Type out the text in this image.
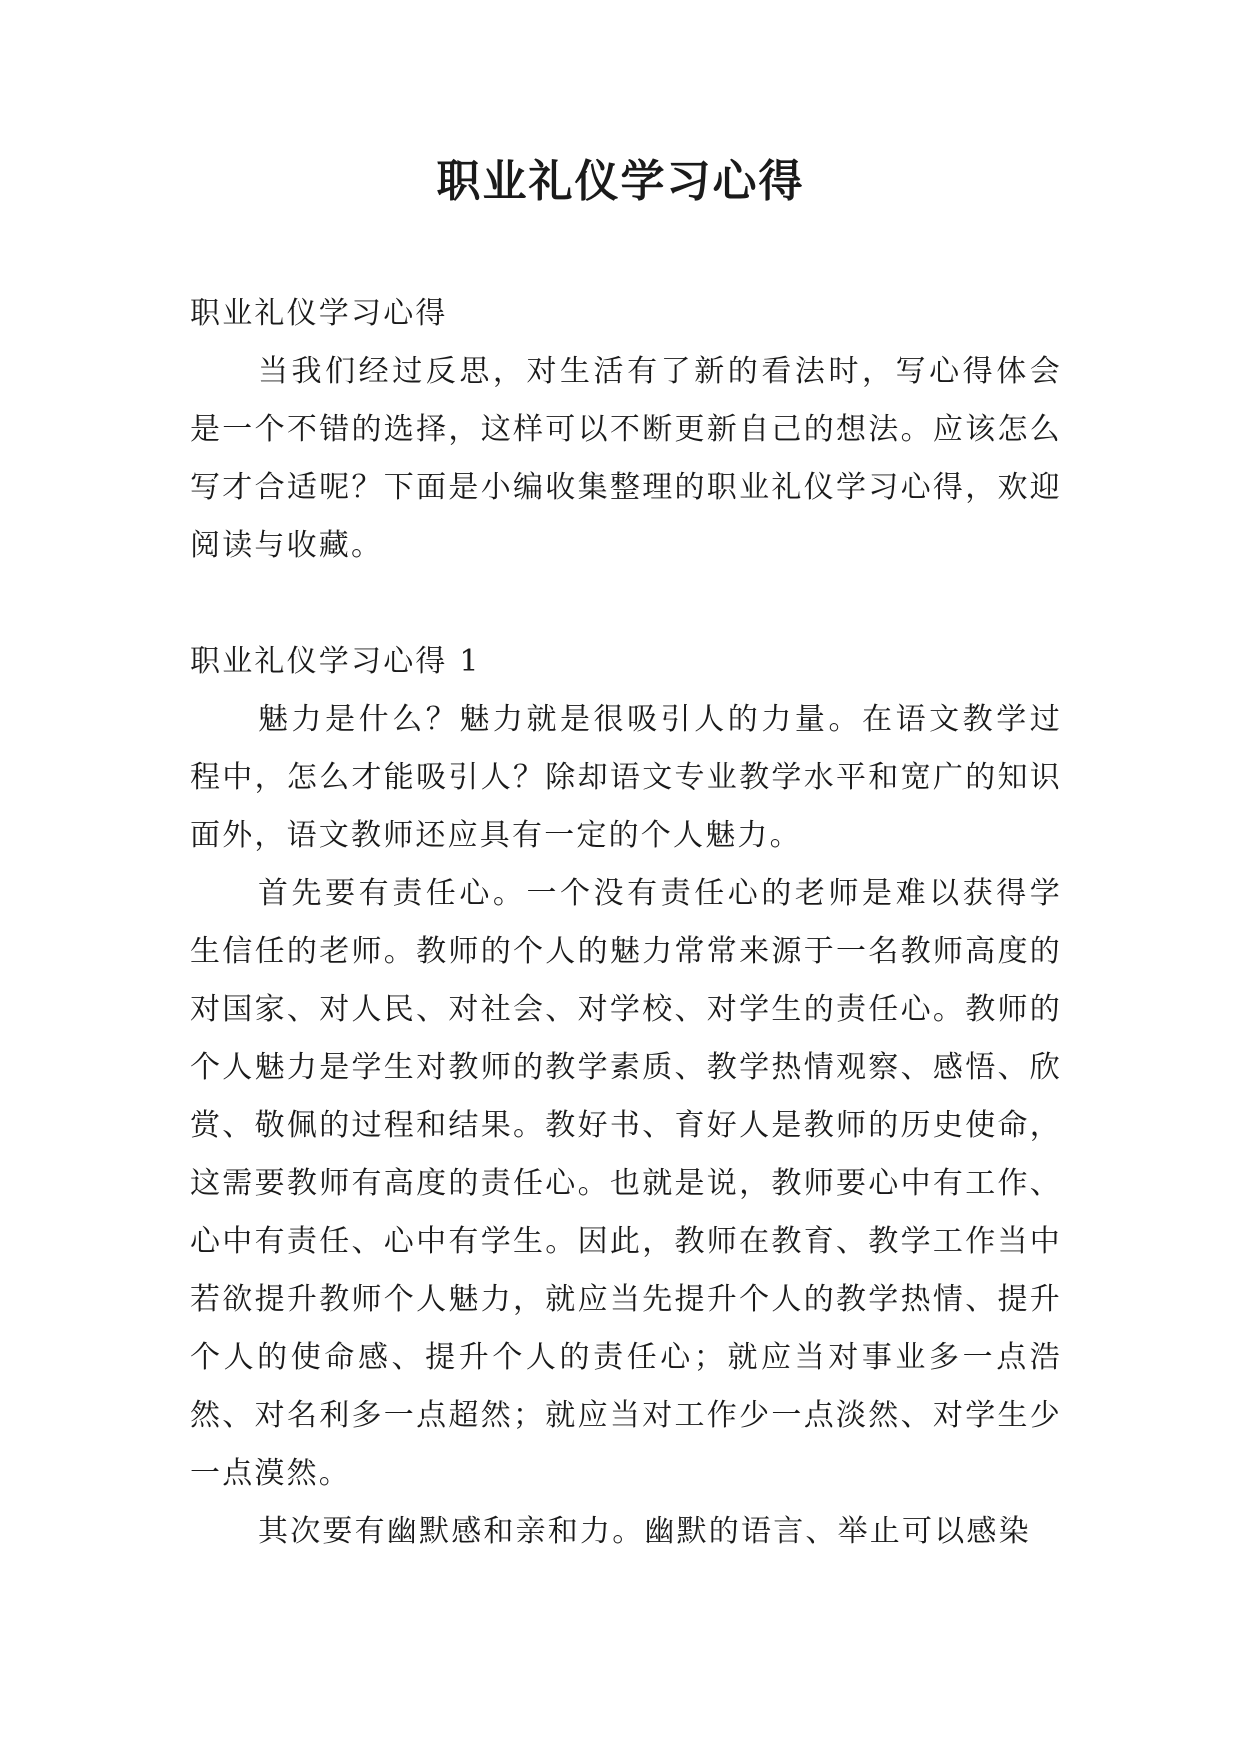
职业礼仪学习心得

职业礼仪学习心得

当我们经过反思，对生活有了新的看法时，写心得体会是一个不错的选择，这样可以不断更新自己的想法。应该怎么写才合适呢？下面是小编收集整理的职业礼仪学习心得，欢迎阅读与收藏。

职业礼仪学习心得 1

魅力是什么？魅力就是很吸引人的力量。在语文教学过程中，怎么才能吸引人？除却语文专业教学水平和宽广的知识面外，语文教师还应具有一定的个人魅力。

首先要有责任心。一个没有责任心的老师是难以获得学生信任的老师。教师的个人的魅力常常来源于一名教师高度的对国家、对人民、对社会、对学校、对学生的责任心。教师的个人魅力是学生对教师的教学素质、教学热情观察、感悟、欣赏、敬佩的过程和结果。教好书、育好人是教师的历史使命，这需要教师有高度的责任心。也就是说，教师要心中有工作、心中有责任、心中有学生。因此，教师在教育、教学工作当中若欲提升教师个人魅力，就应当先提升个人的教学热情、提升个人的使命感、提升个人的责任心；就应当对事业多一点浩然、对名利多一点超然；就应当对工作少一点淡然、对学生少一点漠然。

其次要有幽默感和亲和力。幽默的语言、举止可以感染
